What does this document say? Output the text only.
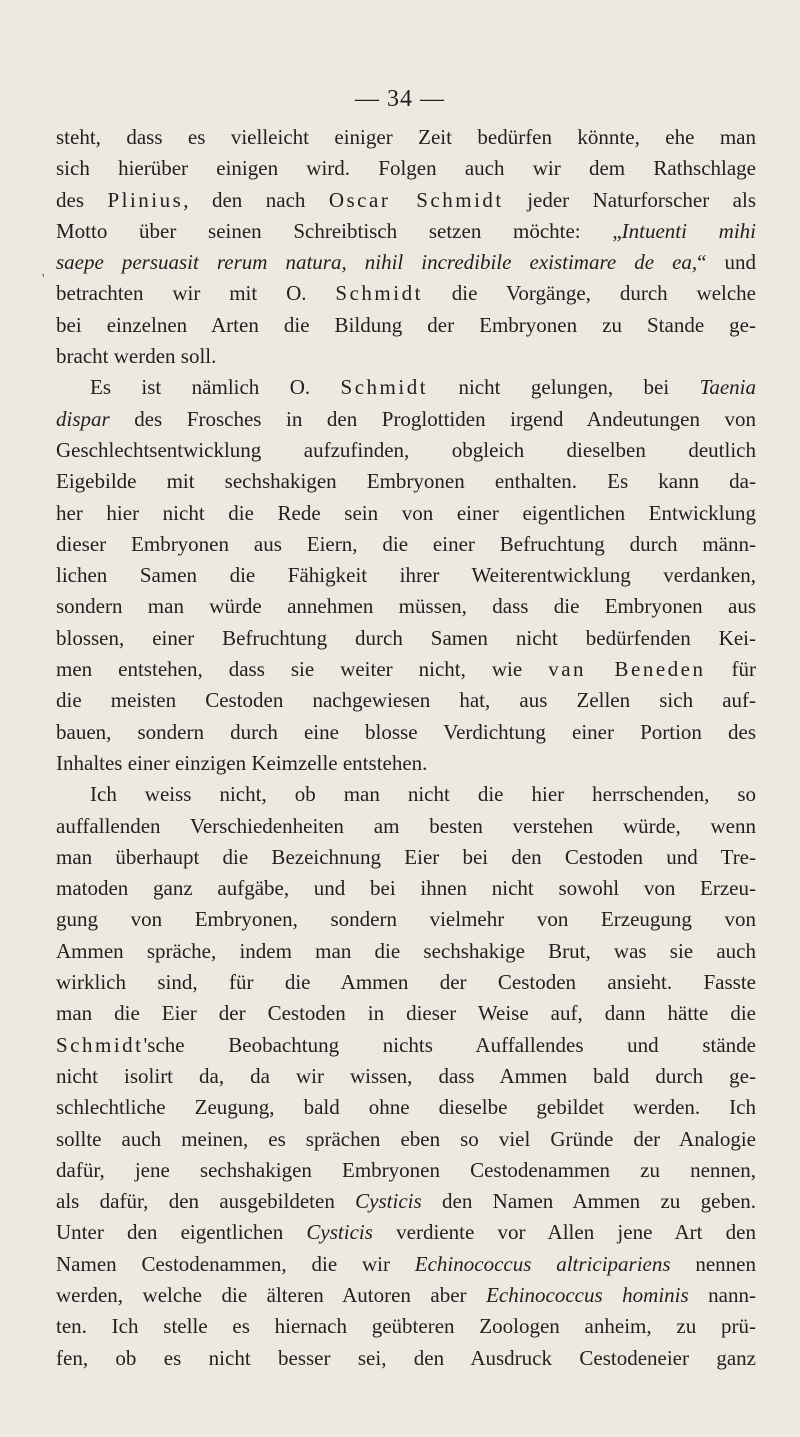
— 34 —
'
steht, dass es vielleicht einiger Zeit bedürfen könnte, ehe man
sich hierüber einigen wird. Folgen auch wir dem Rathschlage
des Plinius, den nach Oscar Schmidt jeder Naturforscher als
Motto über seinen Schreibtisch setzen möchte: „Intuenti mihi
saepe persuasit rerum natura, nihil incredibile existimare de ea,“ und
betrachten wir mit O. Schmidt die Vorgänge, durch welche
bei einzelnen Arten die Bildung der Embryonen zu Stande ge-
bracht werden soll.
Es ist nämlich O. Schmidt nicht gelungen, bei Taenia
dispar des Frosches in den Proglottiden irgend Andeutungen von
Geschlechtsentwicklung aufzufinden, obgleich dieselben deutlich
Eigebilde mit sechshakigen Embryonen enthalten. Es kann da-
her hier nicht die Rede sein von einer eigentlichen Entwicklung
dieser Embryonen aus Eiern, die einer Befruchtung durch männ-
lichen Samen die Fähigkeit ihrer Weiterentwicklung verdanken,
sondern man würde annehmen müssen, dass die Embryonen aus
blossen, einer Befruchtung durch Samen nicht bedürfenden Kei-
men entstehen, dass sie weiter nicht, wie van Beneden für
die meisten Cestoden nachgewiesen hat, aus Zellen sich auf-
bauen, sondern durch eine blosse Verdichtung einer Portion des
Inhaltes einer einzigen Keimzelle entstehen.
Ich weiss nicht, ob man nicht die hier herrschenden, so
auffallenden Verschiedenheiten am besten verstehen würde, wenn
man überhaupt die Bezeichnung Eier bei den Cestoden und Tre-
matoden ganz aufgäbe, und bei ihnen nicht sowohl von Erzeu-
gung von Embryonen, sondern vielmehr von Erzeugung von
Ammen spräche, indem man die sechshakige Brut, was sie auch
wirklich sind, für die Ammen der Cestoden ansieht. Fasste
man die Eier der Cestoden in dieser Weise auf, dann hätte die
Schmidt'sche Beobachtung nichts Auffallendes und stände
nicht isolirt da, da wir wissen, dass Ammen bald durch ge-
schlechtliche Zeugung, bald ohne dieselbe gebildet werden. Ich
sollte auch meinen, es sprächen eben so viel Gründe der Analogie
dafür, jene sechshakigen Embryonen Cestodenammen zu nennen,
als dafür, den ausgebildeten Cysticis den Namen Ammen zu geben.
Unter den eigentlichen Cysticis verdiente vor Allen jene Art den
Namen Cestodenammen, die wir Echinococcus altricipariens nennen
werden, welche die älteren Autoren aber Echinococcus hominis nann-
ten. Ich stelle es hiernach geübteren Zoologen anheim, zu prü-
fen, ob es nicht besser sei, den Ausdruck Cestodeneier ganz
